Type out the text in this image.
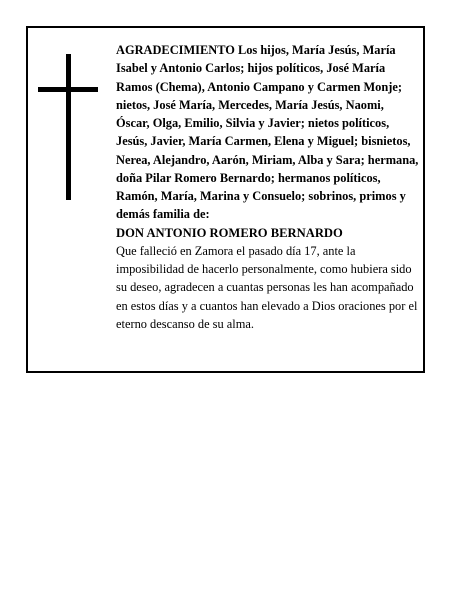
AGRADECIMIENTO Los hijos, María Jesús, María Isabel y Antonio Carlos; hijos políticos, José María Ramos (Chema), Antonio Campano y Carmen Monje; nietos, José María, Mercedes, María Jesús, Naomi, Óscar, Olga, Emilio, Silvia y Javier; nietos políticos, Jesús, Javier, María Carmen, Elena y Miguel; bisnietos, Nerea, Alejandro, Aarón, Miriam, Alba y Sara; hermana, doña Pilar Romero Bernardo; hermanos políticos, Ramón, María, Marina y Consuelo; sobrinos, primos y demás familia de:

DON ANTONIO ROMERO BERNARDO

Que falleció en Zamora el pasado día 17, ante la imposibilidad de hacerlo personalmente, como hubiera sido su deseo, agradecen a cuantas personas les han acompañado en estos días y a cuantos han elevado a Dios oraciones por el eterno descanso de su alma.
